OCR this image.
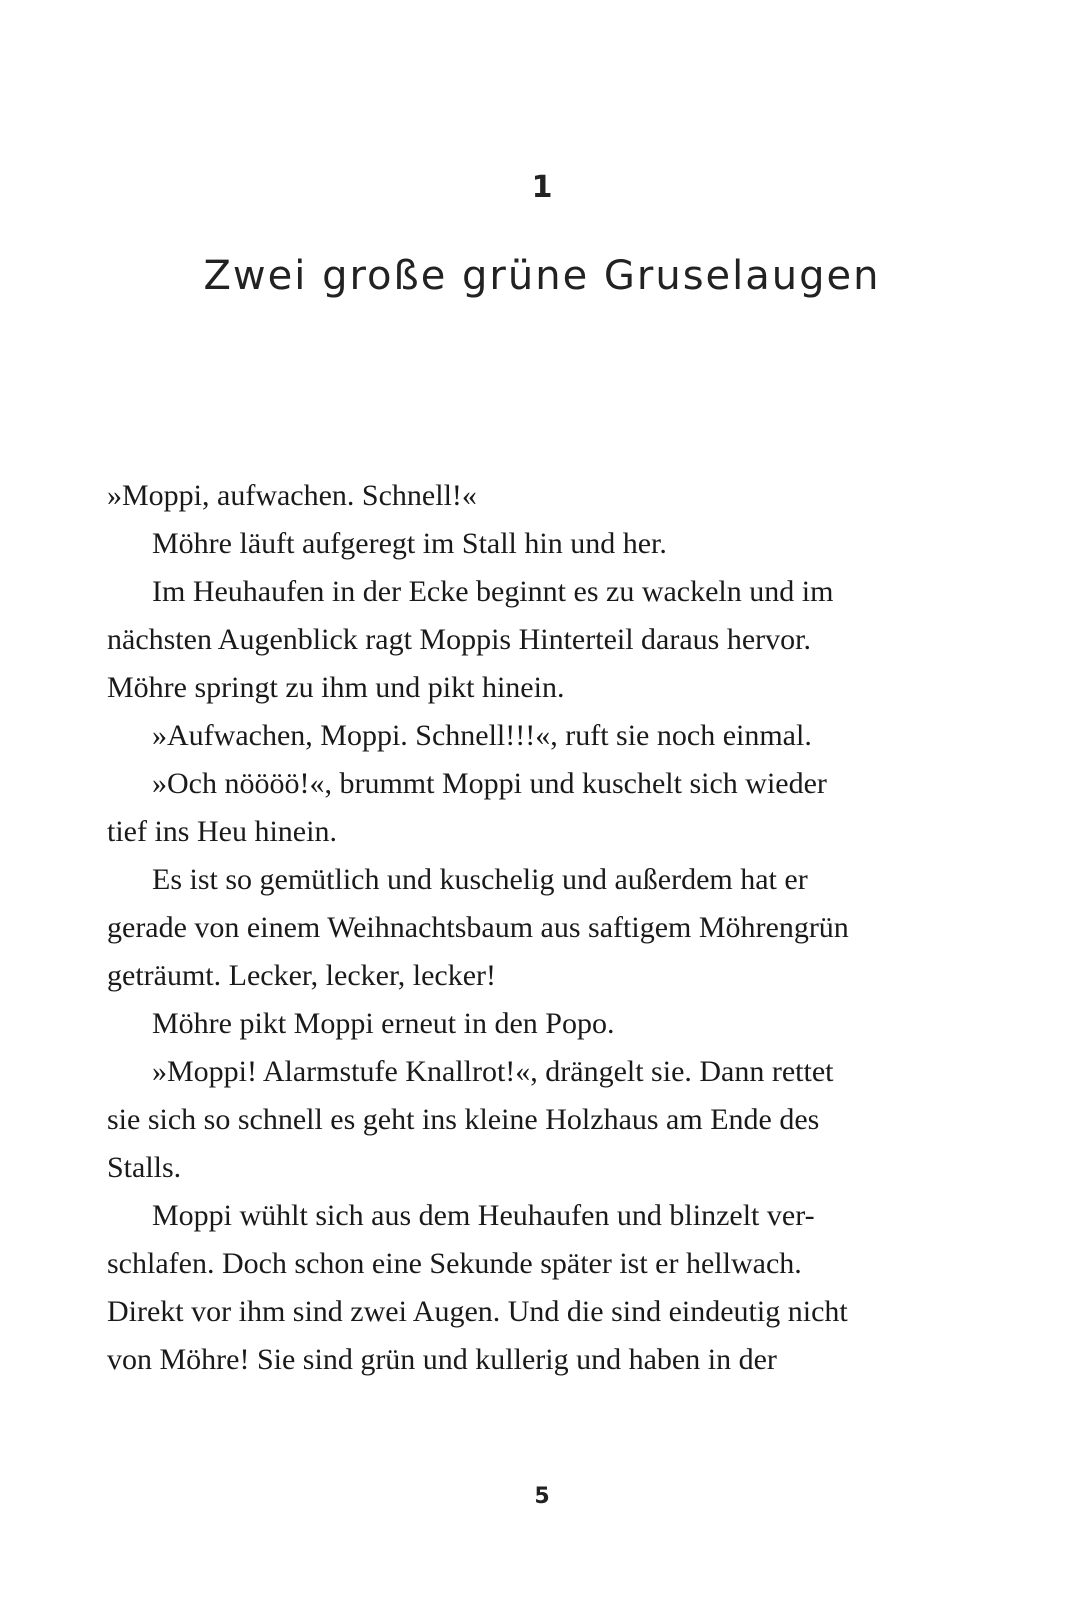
1
Zwei große grüne Gruselaugen
»Moppi, aufwachen. Schnell!«
Möhre läuft aufgeregt im Stall hin und her.
Im Heuhaufen in der Ecke beginnt es zu wackeln und im
nächsten Augenblick ragt Moppis Hinterteil daraus hervor.
Möhre springt zu ihm und pikt hinein.
»Aufwachen, Moppi. Schnell!!!«, ruft sie noch einmal.
»Och nöööö!«, brummt Moppi und kuschelt sich wieder
tief ins Heu hinein.
Es ist so gemütlich und kuschelig und außerdem hat er
gerade von einem Weihnachtsbaum aus saftigem Möhrengrün
geträumt. Lecker, lecker, lecker!
Möhre pikt Moppi erneut in den Popo.
»Moppi! Alarmstufe Knallrot!«, drängelt sie. Dann rettet
sie sich so schnell es geht ins kleine Holzhaus am Ende des
Stalls.
Moppi wühlt sich aus dem Heuhaufen und blinzelt ver-
schlafen. Doch schon eine Sekunde später ist er hellwach.
Direkt vor ihm sind zwei Augen. Und die sind eindeutig nicht
von Möhre! Sie sind grün und kullerig und haben in der
5
